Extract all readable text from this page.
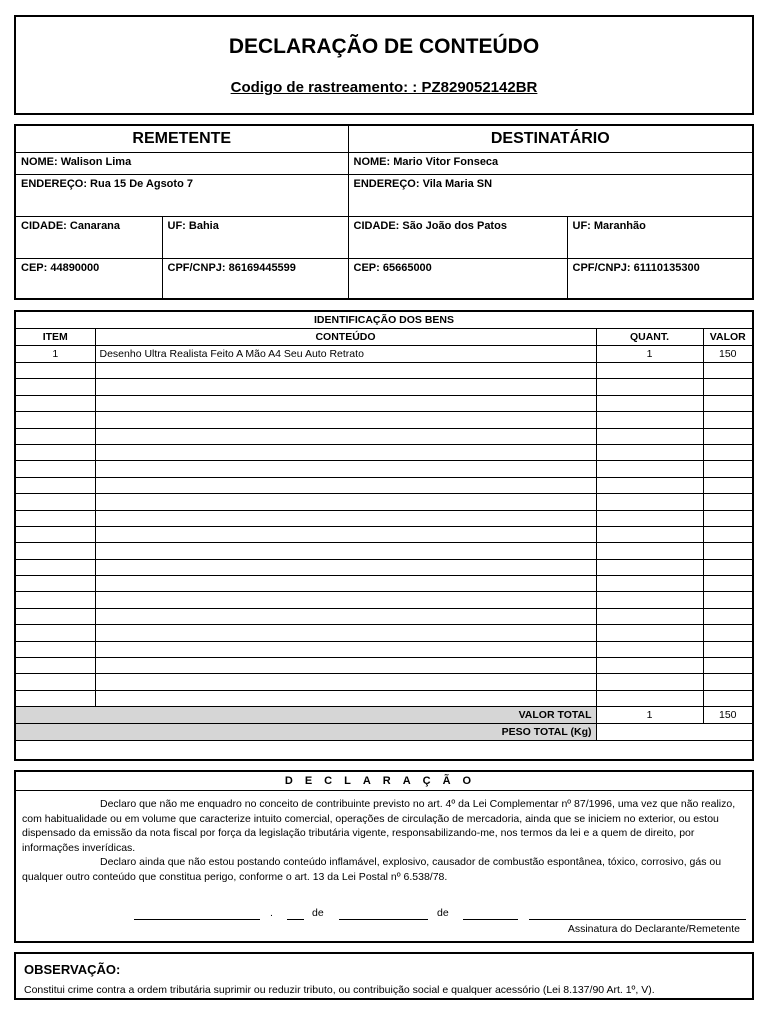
DECLARAÇÃO DE CONTEÚDO
Codigo de rastreamento: : PZ829052142BR
REMETENTE		DESTINATÁRIO	
NOME: Walison Lima		NOME: Mario Vitor Fonseca	
ENDEREÇO: Rua 15 De Agsoto 7		ENDEREÇO: Vila Maria SN	
CIDADE: Canarana	UF: Bahia	CIDADE: São João dos Patos	UF: Maranhão
CEP: 44890000	CPF/CNPJ: 86169445599	CEP: 65665000	CPF/CNPJ: 61110135300
IDENTIFICAÇÃO DOS BENS			
ITEM	CONTEÚDO	QUANT.	VALOR
1	Desenho Ultra Realista Feito A Mão A4 Seu Auto Retrato	1	150

VALOR TOTAL		1	150
PESO TOTAL (Kg)			
DECLARAÇÃO
Declaro que não me enquadro no conceito de contribuinte previsto no art. 4º da Lei Complementar nº 87/1996, uma vez que não realizo, com habitualidade ou em volume que caracterize intuito comercial, operações de circulação de mercadoria, ainda que se iniciem no exterior, ou estou dispensado da emissão da nota fiscal por força da legislação tributária vigente, responsabilizando-me, nos termos da lei e a quem de direito, por informações inverídicas.
Declaro ainda que não estou postando conteúdo inflamável, explosivo, causador de combustão espontânea, tóxico, corrosivo, gás ou qualquer outro conteúdo que constitua perigo, conforme o art. 13 da Lei Postal nº 6.538/78.
.	de	de
Assinatura do Declarante/Remetente
OBSERVAÇÃO:
Constitui crime contra a ordem tributária suprimir ou reduzir tributo, ou contribuição social e qualquer acessório (Lei 8.137/90 Art. 1º, V).
